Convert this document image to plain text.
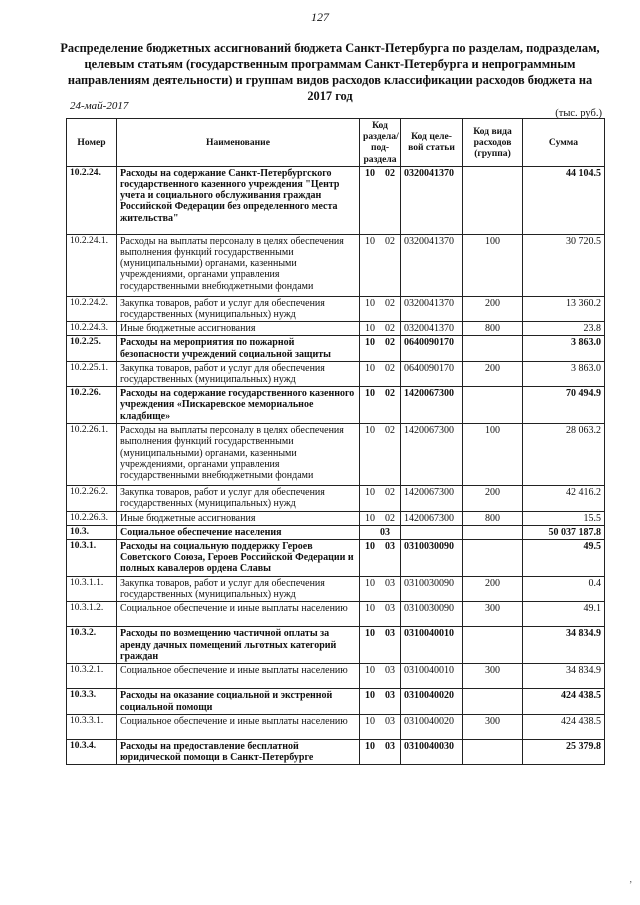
127
Распределение бюджетных ассигнований бюджета Санкт-Петербурга по разделам, подразделам, целевым статьям (государственным программам Санкт-Петербурга и непрограммным направлениям деятельности) и группам видов расходов классификации расходов бюджета на 2017 год
24-май-2017
(тыс. руб.)
Номер	Наименование	Код раздела/ под-раздела	Код целе-вой статьи	Код вида расходов (группа)	Сумма
10.2.24.	Расходы на содержание Санкт-Петербургского государственного казенного учреждения "Центр учета и социального обслуживания граждан Российской Федерации без определенного места жительства"	10  02	0320041370		44 104.5
10.2.24.1.	Расходы на выплаты персоналу в целях обеспечения выполнения функций государственными (муниципальными) органами, казенными учреждениями, органами управления государственными внебюджетными фондами	10  02	0320041370	100	30 720.5
10.2.24.2.	Закупка товаров, работ и услуг для обеспечения государственных (муниципальных) нужд	10  02	0320041370	200	13 360.2
10.2.24.3.	Иные бюджетные ассигнования	10  02	0320041370	800	23.8
10.2.25.	Расходы на мероприятия по пожарной безопасности учреждений социальной защиты	10  02	0640090170		3 863.0
10.2.25.1.	Закупка товаров, работ и услуг для обеспечения государственных (муниципальных) нужд	10  02	0640090170	200	3 863.0
10.2.26.	Расходы на содержание государственного казенного учреждения «Пискаревское мемориальное кладбище»	10  02	1420067300		70 494.9
10.2.26.1.	Расходы на выплаты персоналу в целях обеспечения выполнения функций государственными (муниципальными) органами, казенными учреждениями, органами управления государственными внебюджетными фондами	10  02	1420067300	100	28 063.2
10.2.26.2.	Закупка товаров, работ и услуг для обеспечения государственных (муниципальных) нужд	10  02	1420067300	200	42 416.2
10.2.26.3.	Иные бюджетные ассигнования	10  02	1420067300	800	15.5
10.3.	Социальное обеспечение населения	 03			50 037 187.8
10.3.1.	Расходы на социальную поддержку Героев Советского Союза, Героев Российской Федерации и полных кавалеров ордена Славы	10  03	0310030090		49.5
10.3.1.1.	Закупка товаров, работ и услуг для обеспечения государственных (муниципальных) нужд	10  03	0310030090	200	0.4
10.3.1.2.	Социальное обеспечение и иные выплаты населению	10  03	0310030090	300	49.1
10.3.2.	Расходы по возмещению частичной оплаты за аренду дачных помещений льготных категорий граждан	10  03	0310040010		34 834.9
10.3.2.1.	Социальное обеспечение и иные выплаты населению	10  03	0310040010	300	34 834.9
10.3.3.	Расходы на оказание социальной и экстренной социальной помощи	10  03	0310040020		424 438.5
10.3.3.1.	Социальное обеспечение и иные выплаты населению	10  03	0310040020	300	424 438.5
10.3.4.	Расходы на предоставление бесплатной юридической помощи в Санкт-Петербурге	10  03	0310040030		25 379.8
,
